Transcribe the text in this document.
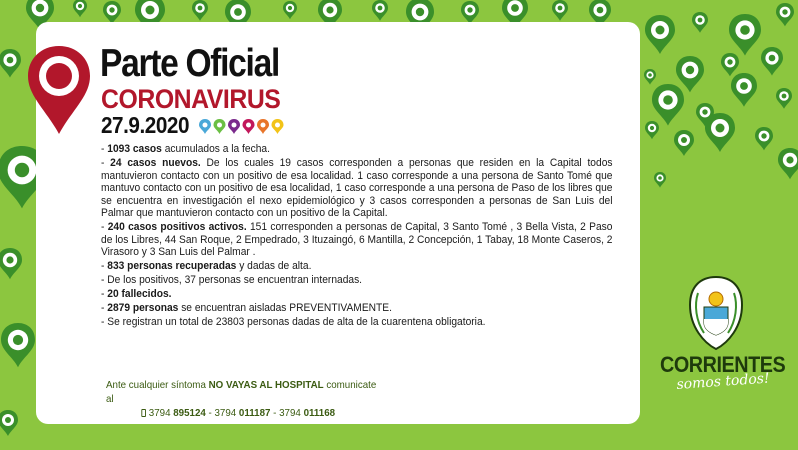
Parte Oficial
CORONAVIRUS
27.9.2020

- 1093 casos acumulados a la fecha.

- 24 casos nuevos. De los cuales 19 casos corresponden a personas que residen en la Capital todos mantuvieron contacto con un positivo de esa localidad. 1 caso corresponde a una persona de Santo Tomé que mantuvo contacto con un positivo de esa localidad, 1 caso corresponde a una persona de Paso de los libres que se encuentra en investigación el nexo epidemiológico y 3 casos corresponden a personas de San Luis del Palmar que mantuvieron contacto con un positivo de la Capital.

- 240 casos positivos activos. 151 corresponden a personas de Capital, 3 Santo Tomé , 3 Bella Vista, 2 Paso de los Libres, 44 San Roque, 2 Empedrado, 3 Ituzaingó, 6 Mantilla, 2 Concepción, 1 Tabay, 18 Monte Caseros, 2 Virasoro y 3 San Luis del Palmar .

- 833 personas recuperadas y dadas de alta.

- De los positivos, 37 personas se encuentran internadas.

- 20 fallecidos.

- 2879 personas se encuentran aisladas PREVENTIVAMENTE.

- Se registran un total de 23803 personas dadas de alta de la cuarentena obligatoria.

Ante cualquier síntoma NO VAYAS AL HOSPITAL comunicate al
3794 895124 - 3794 011187 - 3794 011168
CORRIENTES
somos todos!
